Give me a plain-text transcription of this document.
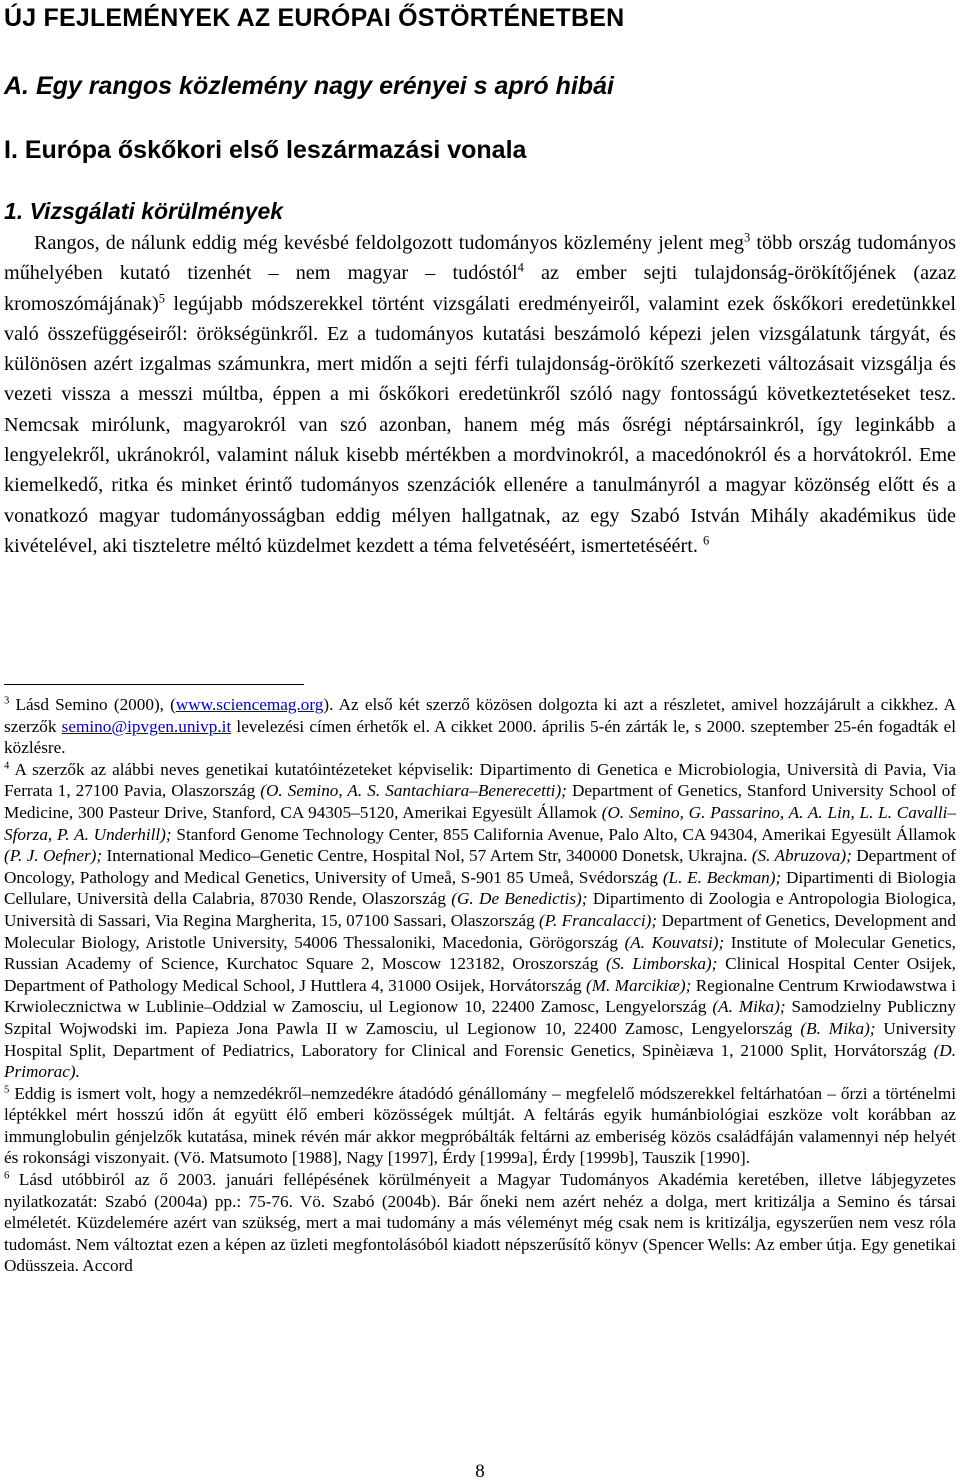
ÚJ FEJLEMÉNYEK AZ EURÓPAI ŐSTÖRTÉNETBEN
A. Egy rangos közlemény nagy erényei s apró hibái
I. Európa őskőkori első leszármazási vonala
1. Vizsgálati körülmények

Rangos, de nálunk eddig még kevésbé feldolgozott tudományos közlemény jelent meg$^3$ több ország tudományos műhelyében kutató tizenhét – nem magyar – tudóstól$^4$ az ember sejti tulajdonság-örökítőjének (azaz kromoszómájának)$^5$ legújabb módszerekkel történt vizsgálati eredményeiről, valamint ezek őskőkori eredetünkkel való összefüggéseiről: örökségünkről. Ez a tudományos kutatási beszámoló képezi jelen vizsgálatunk tárgyát, és különösen azért izgalmas számunkra, mert midőn a sejti férfi tulajdonság-örökítő szerkezeti változásait vizsgálja és vezeti vissza a messzi múltba, éppen a mi őskőkori eredetünkről szóló nagy fontosságú következtetéseket tesz. Nemcsak mirólunk, magyarokról van szó azonban, hanem még más ősrégi néptársainkról, így leginkább a lengyelekről, ukránokról, valamint náluk kisebb mértékben a mordvinokról, a macedónokról és a horvátokról. Eme kiemelkedő, ritka és minket érintő tudományos szenzációk ellenére a tanulmányról a magyar közönség előtt és a vonatkozó magyar tudományosságban eddig mélyen hallgatnak, az egy Szabó István Mihály akadémikus üde kivételével, aki tiszteletre méltó küzdelmet kezdett a téma felvetéséért, ismertetéséért. $^6$

$^3$ Lásd Semino (2000), (www.sciencemag.org). Az első két szerző közösen dolgozta ki azt a részletet, amivel hozzájárult a cikkhez. A szerzők semino@ipvgen.univp.it levelezési címen érhetők el. A cikket 2000. április 5-én zárták le, s 2000. szeptember 25-én fogadták el közlésre.

$^4$ A szerzők az alábbi neves genetikai kutatóintézeteket képviselik: Dipartimento di Genetica e Microbiologia, Università di Pavia, Via Ferrata 1, 27100 Pavia, Olaszország (O. Semino, A. S. Santachiara–Benerecetti); Department of Genetics, Stanford University School of Medicine, 300 Pasteur Drive, Stanford, CA 94305–5120, Amerikai Egyesült Államok (O. Semino, G. Passarino, A. A. Lin, L. L. Cavalli–Sforza, P. A. Underhill); Stanford Genome Technology Center, 855 California Avenue, Palo Alto, CA 94304, Amerikai Egyesült Államok (P. J. Oefner); International Medico–Genetic Centre, Hospital Nol, 57 Artem Str, 340000 Donetsk, Ukrajna. (S. Abruzova); Department of Oncology, Pathology and Medical Genetics, University of Umeå, S-901 85 Umeå, Svédország (L. E. Beckman); Dipartimenti di Biologia Cellulare, Università della Calabria, 87030 Rende, Olaszország (G. De Benedictis); Dipartimento di Zoologia e Antropologia Biologica, Università di Sassari, Via Regina Margherita, 15, 07100 Sassari, Olaszország (P. Francalacci); Department of Genetics, Development and Molecular Biology, Aristotle University, 54006 Thessaloniki, Macedonia, Görögország (A. Kouvatsi); Institute of Molecular Genetics, Russian Academy of Science, Kurchatoc Square 2, Moscow 123182, Oroszország (S. Limborska); Clinical Hospital Center Osijek, Department of Pathology Medical School, J Huttlera 4, 31000 Osijek, Horvátország (M. Marcikiæ); Regionalne Centrum Krwiodawstwa i Krwiolecznictwa w Lublinie–Oddzial w Zamosciu, ul Legionow 10, 22400 Zamosc, Lengyelország (A. Mika); Samodzielny Publiczny Szpital Wojwodski im. Papieza Jona Pawla II w Zamosciu, ul Legionow 10, 22400 Zamosc, Lengyelország (B. Mika); University Hospital Split, Department of Pediatrics, Laboratory for Clinical and Forensic Genetics, Spinèiæva 1, 21000 Split, Horvátország (D. Primorac).

$^5$ Eddig is ismert volt, hogy a nemzedékről–nemzedékre átadódó génállomány – megfelelő módszerekkel feltárhatóan – őrzi a történelmi léptékkel mért hosszú időn át együtt élő emberi közösségek múltját. A feltárás egyik humánbiológiai eszköze volt korábban az immunglobulin génjelzők kutatása, minek révén már akkor megpróbálták feltárni az emberiség közös családfáján valamennyi nép helyét és rokonsági viszonyait. (Vö. Matsumoto [1988], Nagy [1997], Érdy [1999a], Érdy [1999b], Tauszik [1990].

$^6$ Lásd utóbbiról az ő 2003. januári fellépésének körülményeit a Magyar Tudományos Akadémia keretében, illetve lábjegyzetes nyilatkozatát: Szabó (2004a) pp.: 75-76. Vö. Szabó (2004b). Bár őneki nem azért nehéz a dolga, mert kritizálja a Semino és társai elméletét. Küzdelemére azért van szükség, mert a mai tudomány a más véleményt még csak nem is kritizálja, egyszerűen nem vesz róla tudomást. Nem változtat ezen a képen az üzleti megfontolásóból kiadott népszerűsítő könyv (Spencer Wells: Az ember útja. Egy genetikai Odüsszeia. Accord

8
